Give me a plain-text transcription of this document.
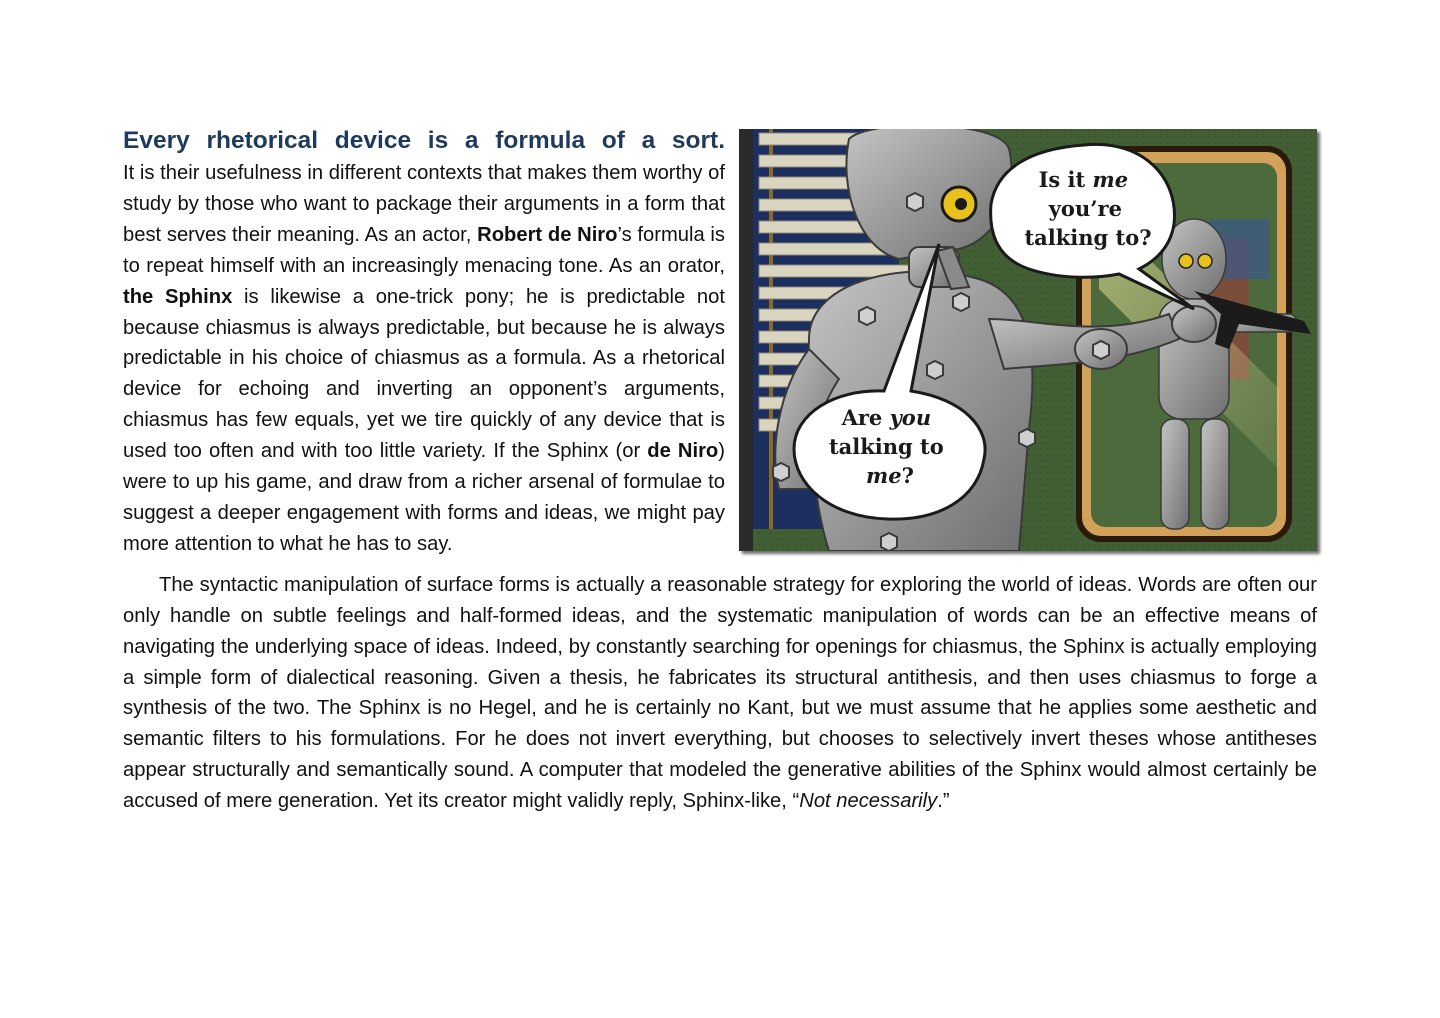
Is it me you’re talking to?
Are you talking to me?

Every rhetorical device is a formula of a sort.

It is their usefulness in different contexts that makes them worthy of study by those who want to package their arguments in a form that best serves their meaning. As an actor, Robert de Niro’s formula is to repeat himself with an increasingly menacing tone. As an orator, the Sphinx is likewise a one-trick pony; he is predictable not because chiasmus is always predictable, but because he is always predictable in his choice of chiasmus as a formula. As a rhetorical device for echoing and inverting an opponent’s arguments, chiasmus has few equals, yet we tire quickly of any device that is used too often and with too little variety. If the Sphinx (or de Niro) were to up his game, and draw from a richer arsenal of formulae to suggest a deeper engagement with forms and ideas, we might pay more attention to what he has to say.

The syntactic manipulation of surface forms is actually a reasonable strategy for exploring the world of ideas. Words are often our only handle on subtle feelings and half-formed ideas, and the systematic manipulation of words can be an effective means of navigating the underlying space of ideas. Indeed, by constantly searching for openings for chiasmus, the Sphinx is actually employing a simple form of dialectical reasoning. Given a thesis, he fabricates its structural antithesis, and then uses chiasmus to forge a synthesis of the two. The Sphinx is no Hegel, and he is certainly no Kant, but we must assume that he applies some aesthetic and semantic filters to his formulations. For he does not invert everything, but chooses to selectively invert theses whose antitheses appear structurally and semantically sound. A computer that modeled the generative abilities of the Sphinx would almost certainly be accused of mere generation. Yet its creator might validly reply, Sphinx-like, “Not necessarily.”
